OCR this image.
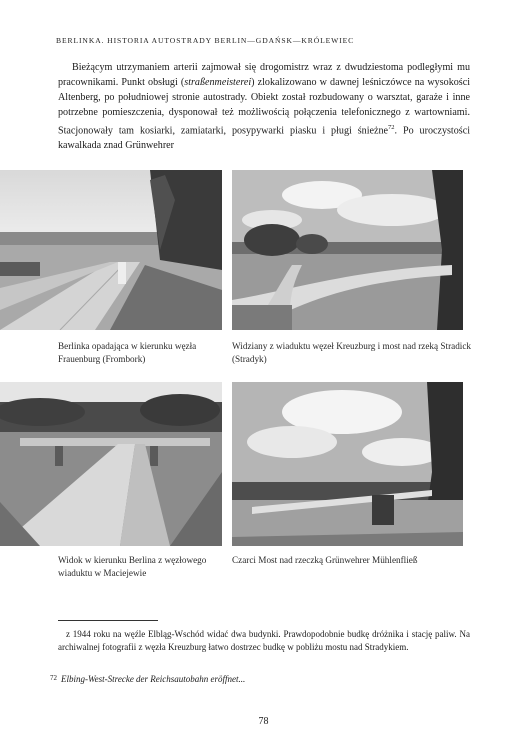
BERLINKA. HISTORIA AUTOSTRADY BERLIN—GDAŃSK—KRÓLEWIEC

Bieżącym utrzymaniem arterii zajmował się drogomistrz wraz z dwudziestoma podległymi mu pracownikami. Punkt obsługi (straßenmeisterei) zlokalizowano w dawnej leśniczówce na wysokości Altenberg, po południowej stronie autostrady. Obiekt został rozbudowany o warsztat, garaże i inne potrzebne pomieszczenia, dysponował też możliwością połączenia telefonicznego z wartowniami. Stacjonowały tam kosiarki, zamiatarki, posypywarki piasku i pługi śnieżne$^{72}$. Po uroczystości kawalkada znad Grünwehrer

Berlinka opadająca w kierunku węzła Frauenburg (Frombork)
Widziany z wiaduktu węzeł Kreuzburg i most nad rzeką Stradick (Stradyk)
Widok w kierunku Berlina z węzłowego wiaduktu w Maciejewie
Czarci Most nad rzeczką Grünwehrer Mühlenfließ

z 1944 roku na węźle Elbląg-Wschód widać dwa budynki. Prawdopodobnie budkę dróżnika i stację paliw. Na archiwalnej fotografii z węzła Kreuzburg łatwo dostrzec budkę w pobliżu mostu nad Stradykiem.

$^{72}$ Elbing-West-Strecke der Reichsautobahn eröffnet...
78
